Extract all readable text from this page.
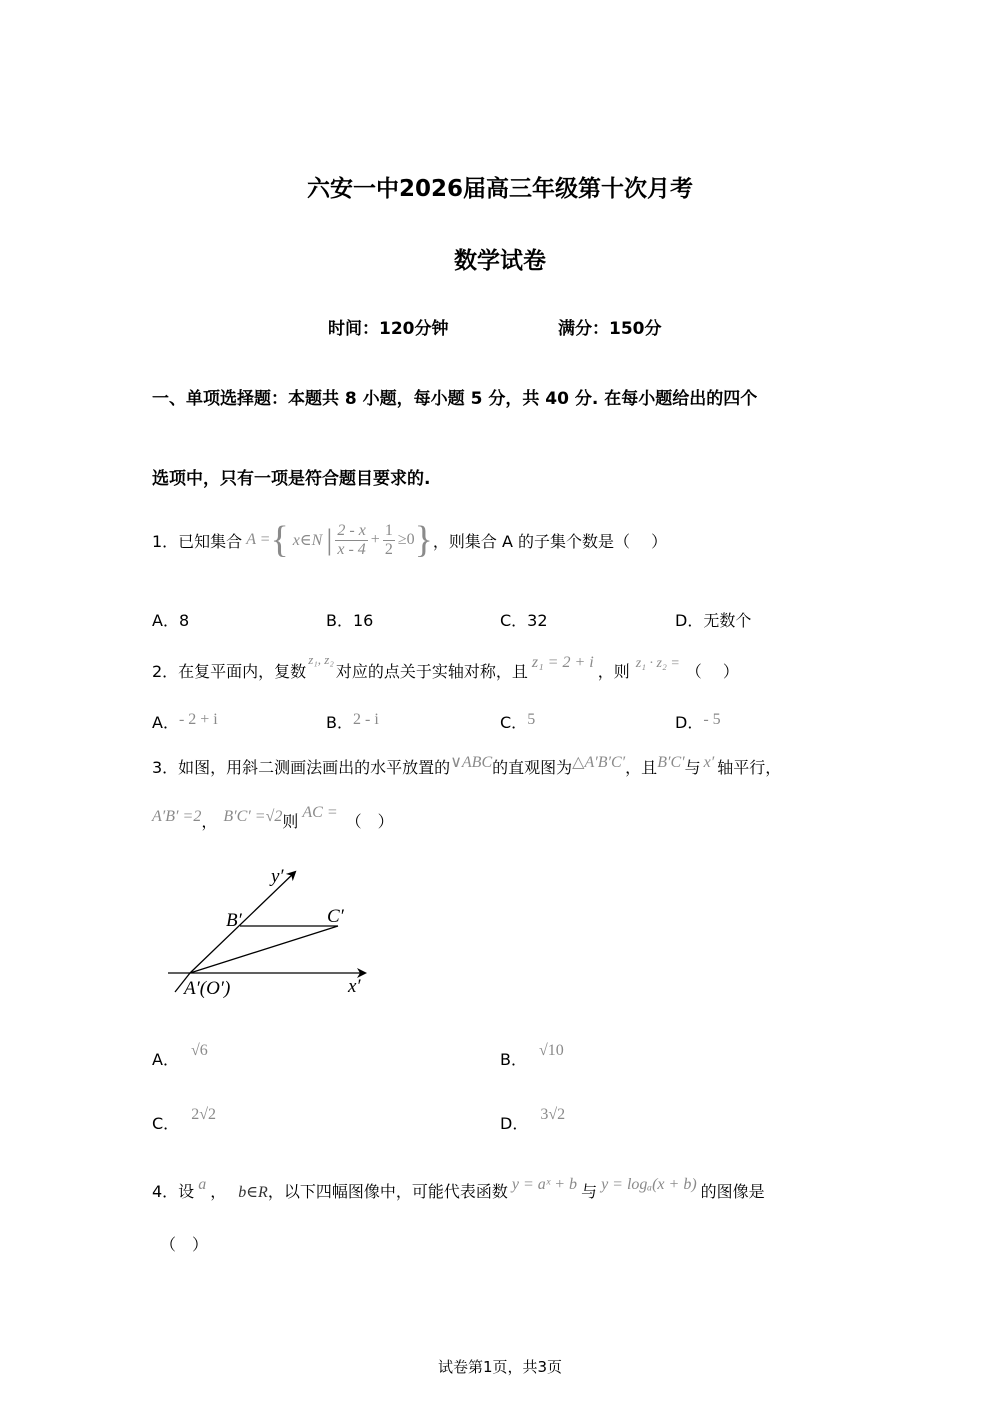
六安一中2026届高三年级第十次月考
数学试卷
时间：120分钟	满分：150分
一、单项选择题：本题共 8 小题，每小题 5 分，共 40 分. 在每小题给出的四个
选项中，只有一项是符合题目要求的.
1．已知集合 A = { x∈N | $\frac{2 - x}{x - 4} + \frac{1}{2} \ge 0$ } ，则集合 A 的子集个数是（　 ）
A．8	B．16	C．32	D．无数个
2．在复平面内，复数
z₁, z₂
对应的点关于实轴对称，且 z₁ = 2 + i ，则 z₁ · z₂ = （　 ）
A．- 2 + i	B．2 - i	C．5	D．- 5
3．如图，用斜二测画法画出的水平放置的 ∨ABC 的直观图为 △A′B′C′ ，且 B′C′ 与 x′ 轴平行，
A′B′ =2 ， B′C′ =√2 则 AC = （　）
y′
x′
B′	C′
A′(O′)
A． √6	B． √10
C． 2√2	D． 3√2
4．设 a ， b∈R ，以下四幅图像中，可能代表函数 y = aˣ + b 与 y = logₐ(x + b) 的图像是
（　）
试卷第1页，共3页
